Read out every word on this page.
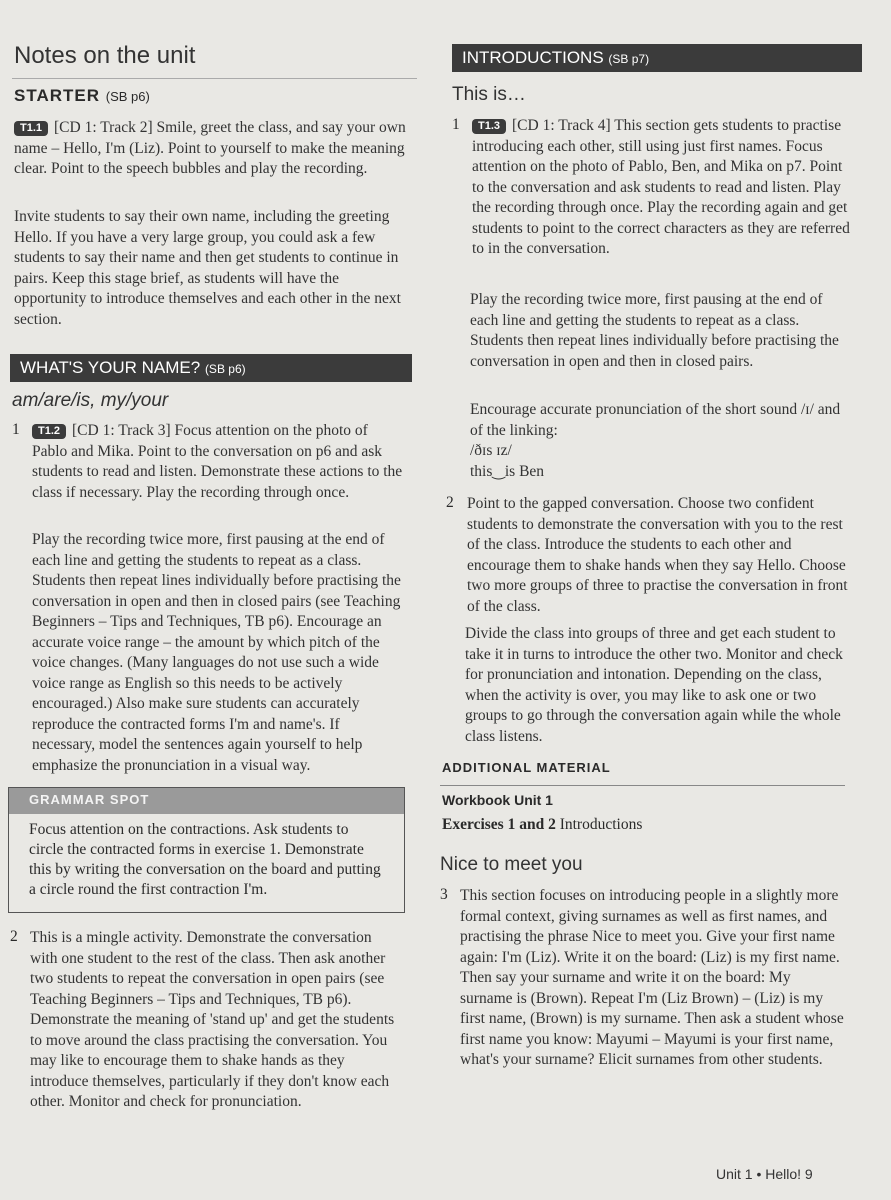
Notes on the unit
STARTER (SB p6)
T1.1 [CD 1: Track 2] Smile, greet the class, and say your own name – Hello, I'm (Liz). Point to yourself to make the meaning clear. Point to the speech bubbles and play the recording.
Invite students to say their own name, including the greeting Hello. If you have a very large group, you could ask a few students to say their name and then get students to continue in pairs. Keep this stage brief, as students will have the opportunity to introduce themselves and each other in the next section.
WHAT'S YOUR NAME? (SB p6)
am/are/is, my/your
1	T1.2 [CD 1: Track 3] Focus attention on the photo of Pablo and Mika. Point to the conversation on p6 and ask students to read and listen. Demonstrate these actions to the class if necessary. Play the recording through once.
Play the recording twice more, first pausing at the end of each line and getting the students to repeat as a class. Students then repeat lines individually before practising the conversation in open and then in closed pairs (see Teaching Beginners – Tips and Techniques, TB p6). Encourage an accurate voice range – the amount by which pitch of the voice changes. (Many languages do not use such a wide voice range as English so this needs to be actively encouraged.) Also make sure students can accurately reproduce the contracted forms I'm and name's. If necessary, model the sentences again yourself to help emphasize the pronunciation in a visual way.
GRAMMAR SPOT
Focus attention on the contractions. Ask students to circle the contracted forms in exercise 1. Demonstrate this by writing the conversation on the board and putting a circle round the first contraction I'm.
2 This is a mingle activity. Demonstrate the conversation with one student to the rest of the class. Then ask another two students to repeat the conversation in open pairs (see Teaching Beginners – Tips and Techniques, TB p6). Demonstrate the meaning of 'stand up' and get the students to move around the class practising the conversation. You may like to encourage them to shake hands as they introduce themselves, particularly if they don't know each other. Monitor and check for pronunciation.
INTRODUCTIONS (SB p7)
This is…
1	T1.3 [CD 1: Track 4] This section gets students to practise introducing each other, still using just first names. Focus attention on the photo of Pablo, Ben, and Mika on p7. Point to the conversation and ask students to read and listen. Play the recording through once. Play the recording again and get students to point to the correct characters as they are referred to in the conversation.
Play the recording twice more, first pausing at the end of each line and getting the students to repeat as a class. Students then repeat lines individually before practising the conversation in open and then in closed pairs.
Encourage accurate pronunciation of the short sound /ɪ/ and of the linking:
/ðɪs ɪz/
this‿is Ben
2 Point to the gapped conversation. Choose two confident students to demonstrate the conversation with you to the rest of the class. Introduce the students to each other and encourage them to shake hands when they say Hello. Choose two more groups of three to practise the conversation in front of the class.
Divide the class into groups of three and get each student to take it in turns to introduce the other two. Monitor and check for pronunciation and intonation. Depending on the class, when the activity is over, you may like to ask one or two groups to go through the conversation again while the whole class listens.
ADDITIONAL MATERIAL
Workbook Unit 1
Exercises 1 and 2 Introductions
Nice to meet you
3 This section focuses on introducing people in a slightly more formal context, giving surnames as well as first names, and practising the phrase Nice to meet you. Give your first name again: I'm (Liz). Write it on the board: (Liz) is my first name. Then say your surname and write it on the board: My surname is (Brown). Repeat I'm (Liz Brown) – (Liz) is my first name, (Brown) is my surname. Then ask a student whose first name you know: Mayumi – Mayumi is your first name, what's your surname? Elicit surnames from other students.
Unit 1 • Hello! 9
